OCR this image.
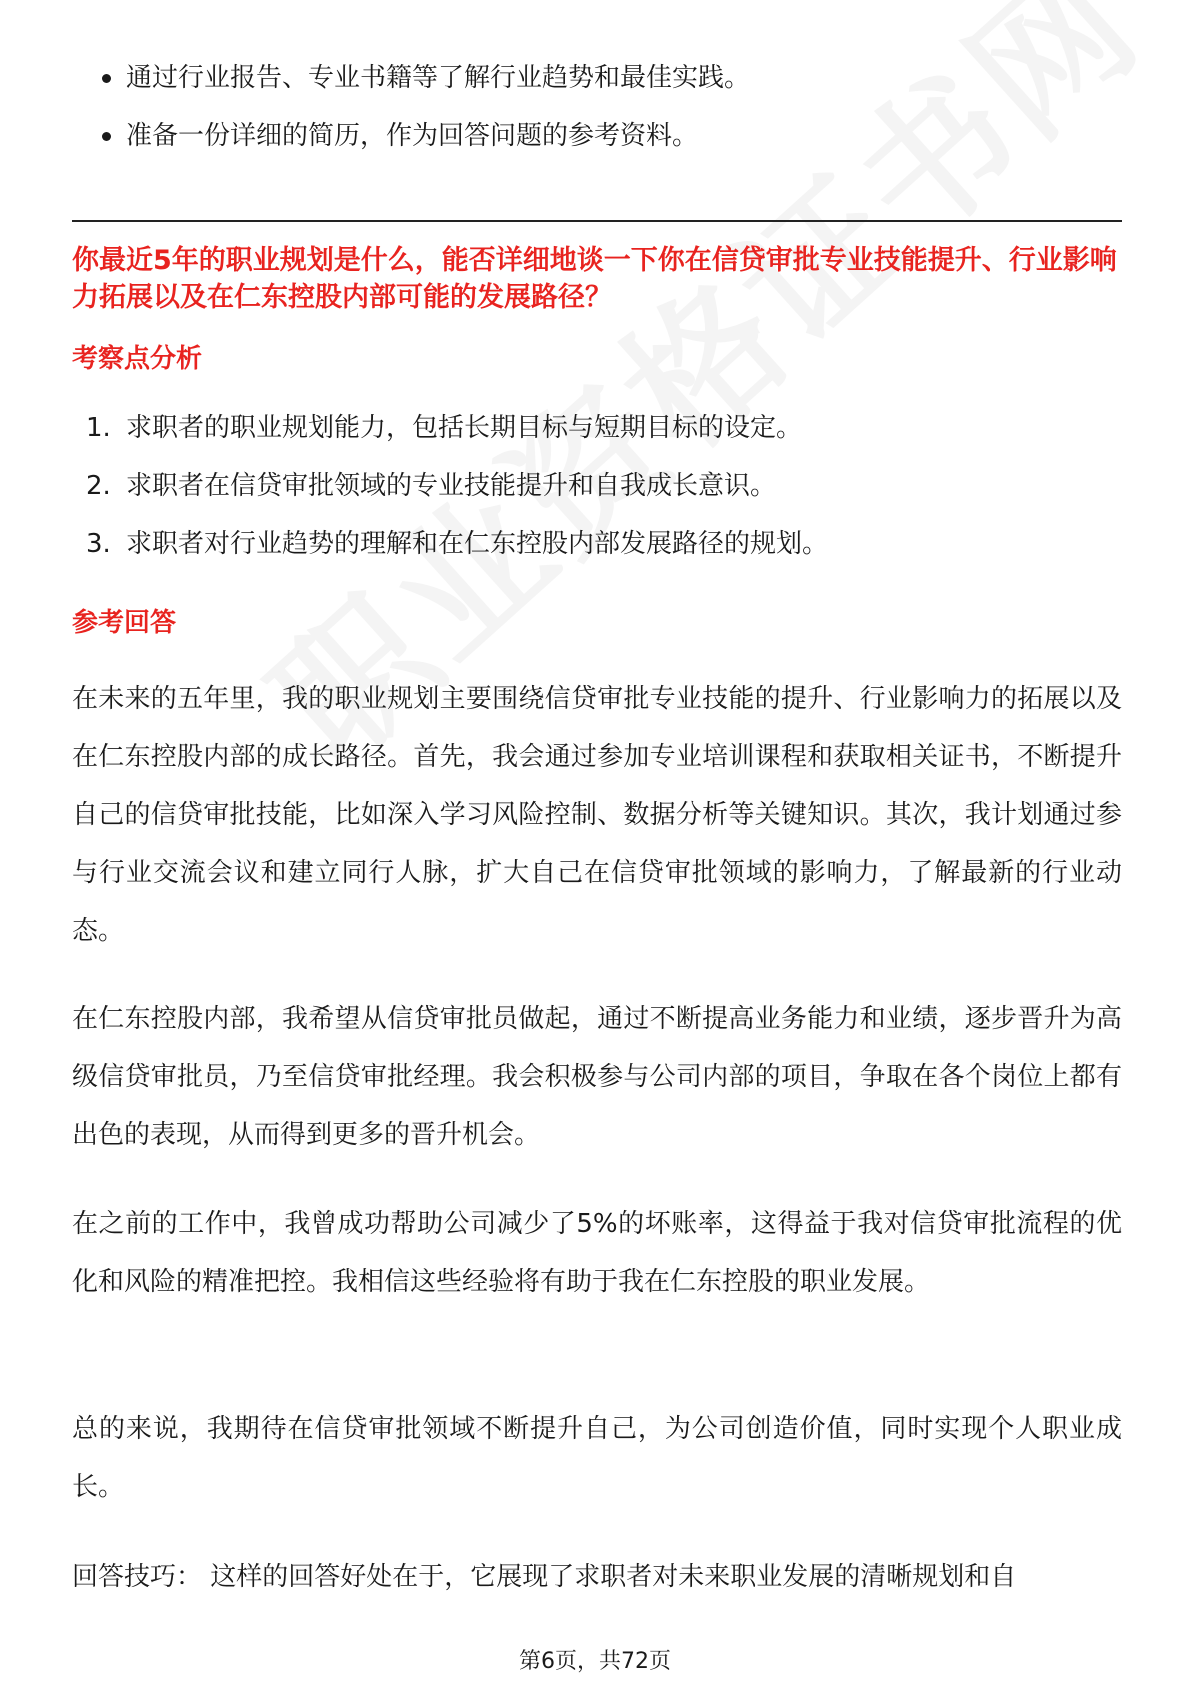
通过行业报告、专业书籍等了解行业趋势和最佳实践。
准备一份详细的简历，作为回答问题的参考资料。
你最近5年的职业规划是什么，能否详细地谈一下你在信贷审批专业技能提升、行业影响力拓展以及在仁东控股内部可能的发展路径？
考察点分析
1. 求职者的职业规划能力，包括长期目标与短期目标的设定。
2. 求职者在信贷审批领域的专业技能提升和自我成长意识。
3. 求职者对行业趋势的理解和在仁东控股内部发展路径的规划。
参考回答

在未来的五年里，我的职业规划主要围绕信贷审批专业技能的提升、行业影响力的拓展以及在仁东控股内部的成长路径。首先，我会通过参加专业培训课程和获取相关证书，不断提升自己的信贷审批技能，比如深入学习风险控制、数据分析等关键知识。其次，我计划通过参与行业交流会议和建立同行人脉，扩大自己在信贷审批领域的影响力，了解最新的行业动态。

在仁东控股内部，我希望从信贷审批员做起，通过不断提高业务能力和业绩，逐步晋升为高级信贷审批员，乃至信贷审批经理。我会积极参与公司内部的项目，争取在各个岗位上都有出色的表现，从而得到更多的晋升机会。

在之前的工作中，我曾成功帮助公司减少了5%的坏账率，这得益于我对信贷审批流程的优化和风险的精准把控。我相信这些经验将有助于我在仁东控股的职业发展。

总的来说，我期待在信贷审批领域不断提升自己，为公司创造价值，同时实现个人职业成长。

回答技巧： 这样的回答好处在于，它展现了求职者对未来职业发展的清晰规划和自

第6页，共72页
